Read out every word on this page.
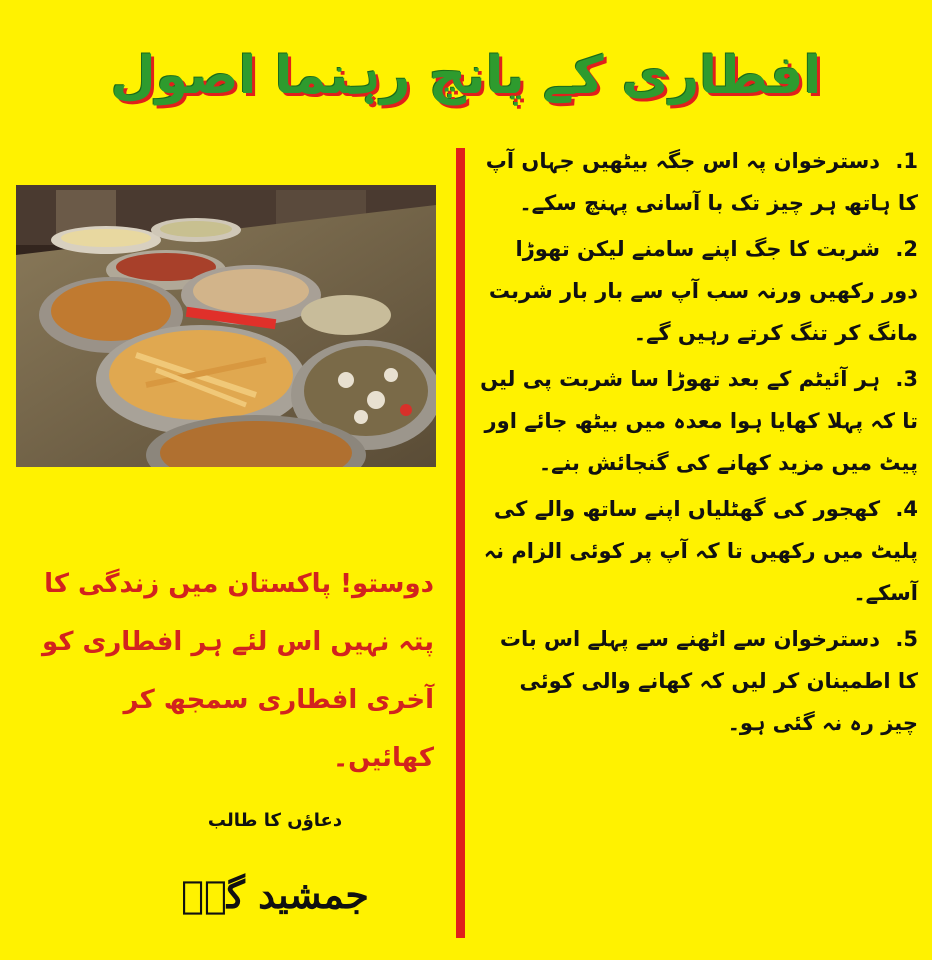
افطاری کے پانچ رہنما اصول
1. دسترخوان پہ اس جگہ بیٹھیں جہاں آپ کا ہاتھ ہر چیز تک با آسانی پہنچ سکے۔
2. شربت کا جگ اپنے سامنے لیکن تھوڑا دور رکھیں ورنہ سب آپ سے بار بار شربت مانگ کر تنگ کرتے رہیں گے۔
3. ہر آئیٹم کے بعد تھوڑا سا شربت پی لیں تا کہ پہلا کھایا ہوا معدہ میں بیٹھ جائے اور پیٹ میں مزید کھانے کی گنجائش بنے۔
4. کھجور کی گھٹلیاں اپنے ساتھ والے کی پلیٹ میں رکھیں تا کہ آپ پر کوئی الزام نہ آسکے۔
5. دسترخوان سے اٹھنے سے پہلے اس بات کا اطمینان کر لیں کہ کھانے والی کوئی چیز رہ نہ گئی ہو۔
دوستو! پاکستان میں زندگی کا پتہ نہیں اس لئے ہر افطاری کو آخری افطاری سمجھ کر کھائیں۔
دعاؤں کا طالب
جمشید گلؔ
